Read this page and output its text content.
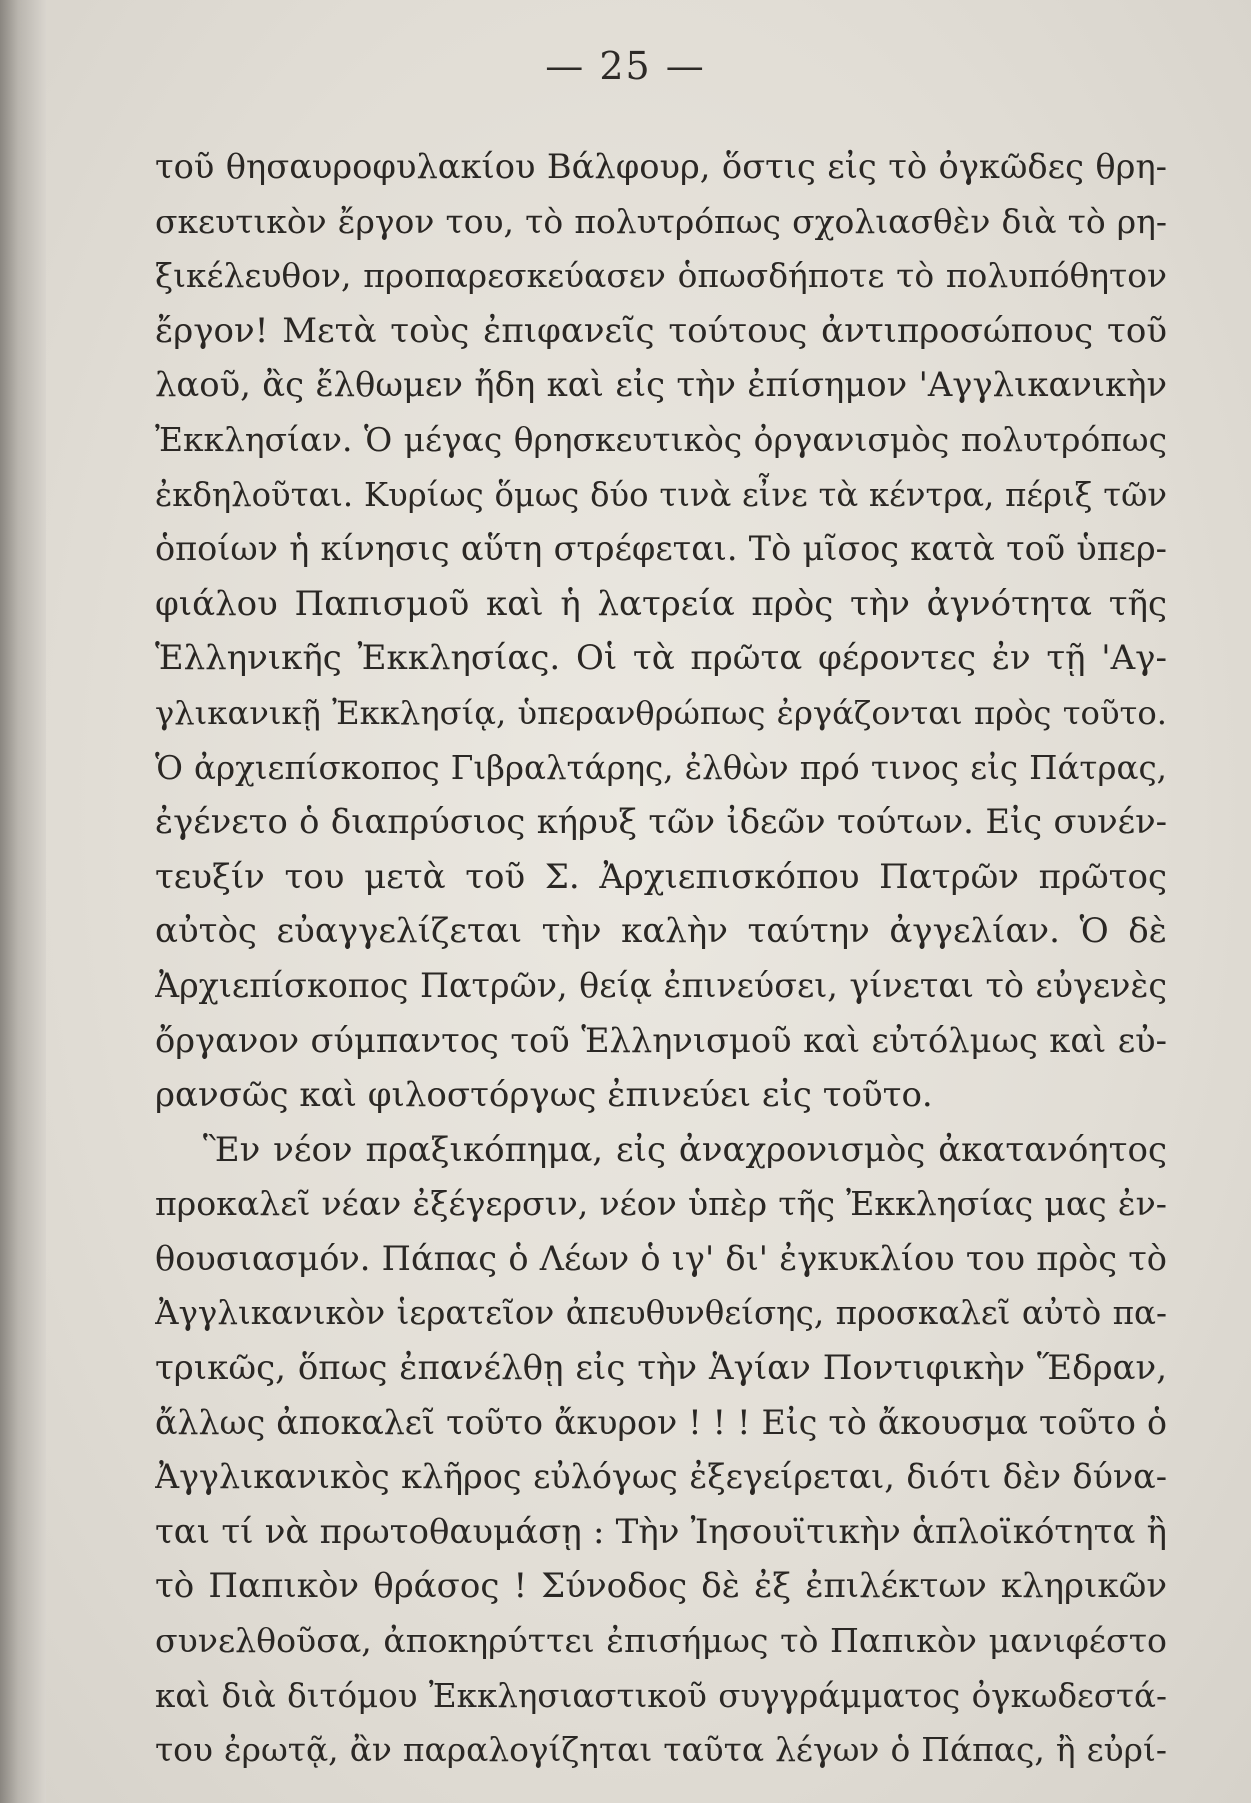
— 25 —
τοῦ θησαυροφυλακίου Βάλφουρ, ὅστις εἰς τὸ ὀγκῶδες θρη-
σκευτικὸν ἔργον του, τὸ πολυτρόπως σχολιασθὲν διὰ τὸ ρη-
ξικέλευθον, προπαρεσκεύασεν ὁπωσδήποτε τὸ πολυπόθητον
ἔργον! Μετὰ τοὺς ἐπιφανεῖς τούτους ἀντιπροσώπους τοῦ
λαοῦ, ἂς ἔλθωμεν ἤδη καὶ εἰς τὴν ἐπίσημον 'Αγγλικανικὴν
Ἐκκλησίαν. Ὁ μέγας θρησκευτικὸς ὀργανισμὸς πολυτρόπως
ἐκδηλοῦται. Κυρίως ὅμως δύο τινὰ εἶνε τὰ κέντρα, πέριξ τῶν
ὁποίων ἡ κίνησις αὕτη στρέφεται. Τὸ μῖσος κατὰ τοῦ ὑπερ-
φιάλου Παπισμοῦ καὶ ἡ λατρεία πρὸς τὴν ἀγνότητα τῆς
Ἑλληνικῆς Ἐκκλησίας. Οἱ τὰ πρῶτα φέροντες ἐν τῇ 'Αγ-
γλικανικῇ Ἐκκλησίᾳ, ὑπερανθρώπως ἐργάζονται πρὸς τοῦτο.
Ὁ ἀρχιεπίσκοπος Γιβραλτάρης, ἐλθὼν πρό τινος εἰς Πάτρας,
ἐγένετο ὁ διαπρύσιος κήρυξ τῶν ἰδεῶν τούτων. Εἰς συνέν-
τευξίν του μετὰ τοῦ Σ. Ἀρχιεπισκόπου Πατρῶν πρῶτος
αὐτὸς εὐαγγελίζεται τὴν καλὴν ταύτην ἀγγελίαν. Ὁ δὲ
Ἀρχιεπίσκοπος Πατρῶν, θείᾳ ἐπινεύσει, γίνεται τὸ εὐγενὲς
ὄργανον σύμπαντος τοῦ Ἑλληνισμοῦ καὶ εὐτόλμως καὶ εὐ-
ρανσῶς καὶ φιλοστόργως ἐπινεύει εἰς τοῦτο.
Ἓν νέον πραξικόπημα, εἰς ἀναχρονισμὸς ἀκατανόητος
προκαλεῖ νέαν ἐξέγερσιν, νέον ὑπὲρ τῆς Ἐκκλησίας μας ἐν-
θουσιασμόν. Πάπας ὁ Λέων ὁ ιγ' δι' ἐγκυκλίου του πρὸς τὸ
Ἀγγλικανικὸν ἱερατεῖον ἀπευθυνθείσης, προσκαλεῖ αὐτὸ πα-
τρικῶς, ὅπως ἐπανέλθῃ εἰς τὴν Ἁγίαν Ποντιφικὴν Ἕδραν,
ἄλλως ἀποκαλεῖ τοῦτο ἄκυρον ! ! ! Εἰς τὸ ἄκουσμα τοῦτο ὁ
Ἀγγλικανικὸς κλῆρος εὐλόγως ἐξεγείρεται, διότι δὲν δύνα-
ται τί νὰ πρωτοθαυμάσῃ : Τὴν Ἰησουϊτικὴν ἁπλοϊκότητα ἢ
τὸ Παπικὸν θράσος ! Σύνοδος δὲ ἐξ ἐπιλέκτων κληρικῶν
συνελθοῦσα, ἀποκηρύττει ἐπισήμως τὸ Παπικὸν μανιφέστο
καὶ διὰ διτόμου Ἐκκλησιαστικοῦ συγγράμματος ὀγκωδεστά-
του ἐρωτᾷ, ἂν παραλογίζηται ταῦτα λέγων ὁ Πάπας, ἢ εὐρί-
